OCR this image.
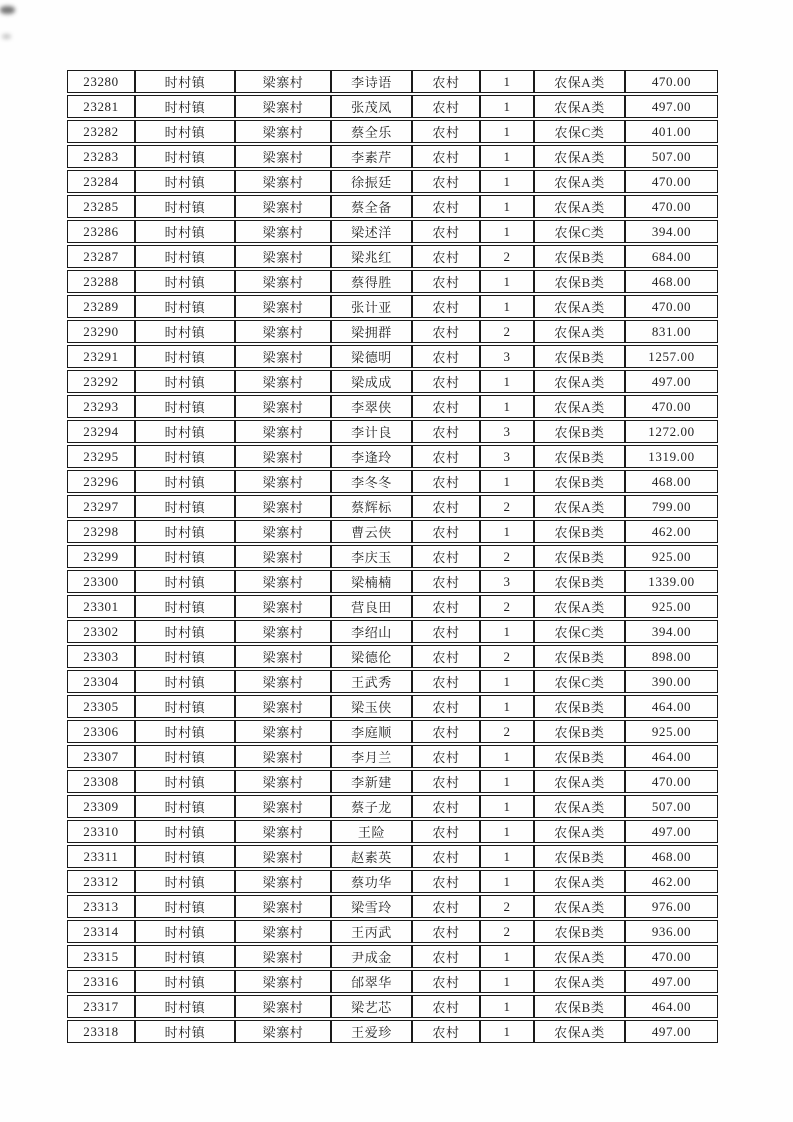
23280	时村镇	梁寨村	李诗语	农村	1	农保A类	470.00
23281	时村镇	梁寨村	张茂凤	农村	1	农保A类	497.00
23282	时村镇	梁寨村	蔡全乐	农村	1	农保C类	401.00
23283	时村镇	梁寨村	李素芹	农村	1	农保A类	507.00
23284	时村镇	梁寨村	徐振廷	农村	1	农保A类	470.00
23285	时村镇	梁寨村	蔡全备	农村	1	农保A类	470.00
23286	时村镇	梁寨村	梁述洋	农村	1	农保C类	394.00
23287	时村镇	梁寨村	梁兆红	农村	2	农保B类	684.00
23288	时村镇	梁寨村	蔡得胜	农村	1	农保B类	468.00
23289	时村镇	梁寨村	张计亚	农村	1	农保A类	470.00
23290	时村镇	梁寨村	梁拥群	农村	2	农保A类	831.00
23291	时村镇	梁寨村	梁德明	农村	3	农保B类	1257.00
23292	时村镇	梁寨村	梁成成	农村	1	农保A类	497.00
23293	时村镇	梁寨村	李翠侠	农村	1	农保A类	470.00
23294	时村镇	梁寨村	李计良	农村	3	农保B类	1272.00
23295	时村镇	梁寨村	李逢玲	农村	3	农保B类	1319.00
23296	时村镇	梁寨村	李冬冬	农村	1	农保B类	468.00
23297	时村镇	梁寨村	蔡辉标	农村	2	农保A类	799.00
23298	时村镇	梁寨村	曹云侠	农村	1	农保B类	462.00
23299	时村镇	梁寨村	李庆玉	农村	2	农保B类	925.00
23300	时村镇	梁寨村	梁楠楠	农村	3	农保B类	1339.00
23301	时村镇	梁寨村	营良田	农村	2	农保A类	925.00
23302	时村镇	梁寨村	李绍山	农村	1	农保C类	394.00
23303	时村镇	梁寨村	梁德伦	农村	2	农保B类	898.00
23304	时村镇	梁寨村	王武秀	农村	1	农保C类	390.00
23305	时村镇	梁寨村	梁玉侠	农村	1	农保B类	464.00
23306	时村镇	梁寨村	李庭顺	农村	2	农保B类	925.00
23307	时村镇	梁寨村	李月兰	农村	1	农保B类	464.00
23308	时村镇	梁寨村	李新建	农村	1	农保A类	470.00
23309	时村镇	梁寨村	蔡子龙	农村	1	农保A类	507.00
23310	时村镇	梁寨村	王险	农村	1	农保A类	497.00
23311	时村镇	梁寨村	赵素英	农村	1	农保B类	468.00
23312	时村镇	梁寨村	蔡功华	农村	1	农保A类	462.00
23313	时村镇	梁寨村	梁雪玲	农村	2	农保A类	976.00
23314	时村镇	梁寨村	王丙武	农村	2	农保B类	936.00
23315	时村镇	梁寨村	尹成金	农村	1	农保A类	470.00
23316	时村镇	梁寨村	邰翠华	农村	1	农保A类	497.00
23317	时村镇	梁寨村	梁艺芯	农村	1	农保B类	464.00
23318	时村镇	梁寨村	王爱珍	农村	1	农保A类	497.00
